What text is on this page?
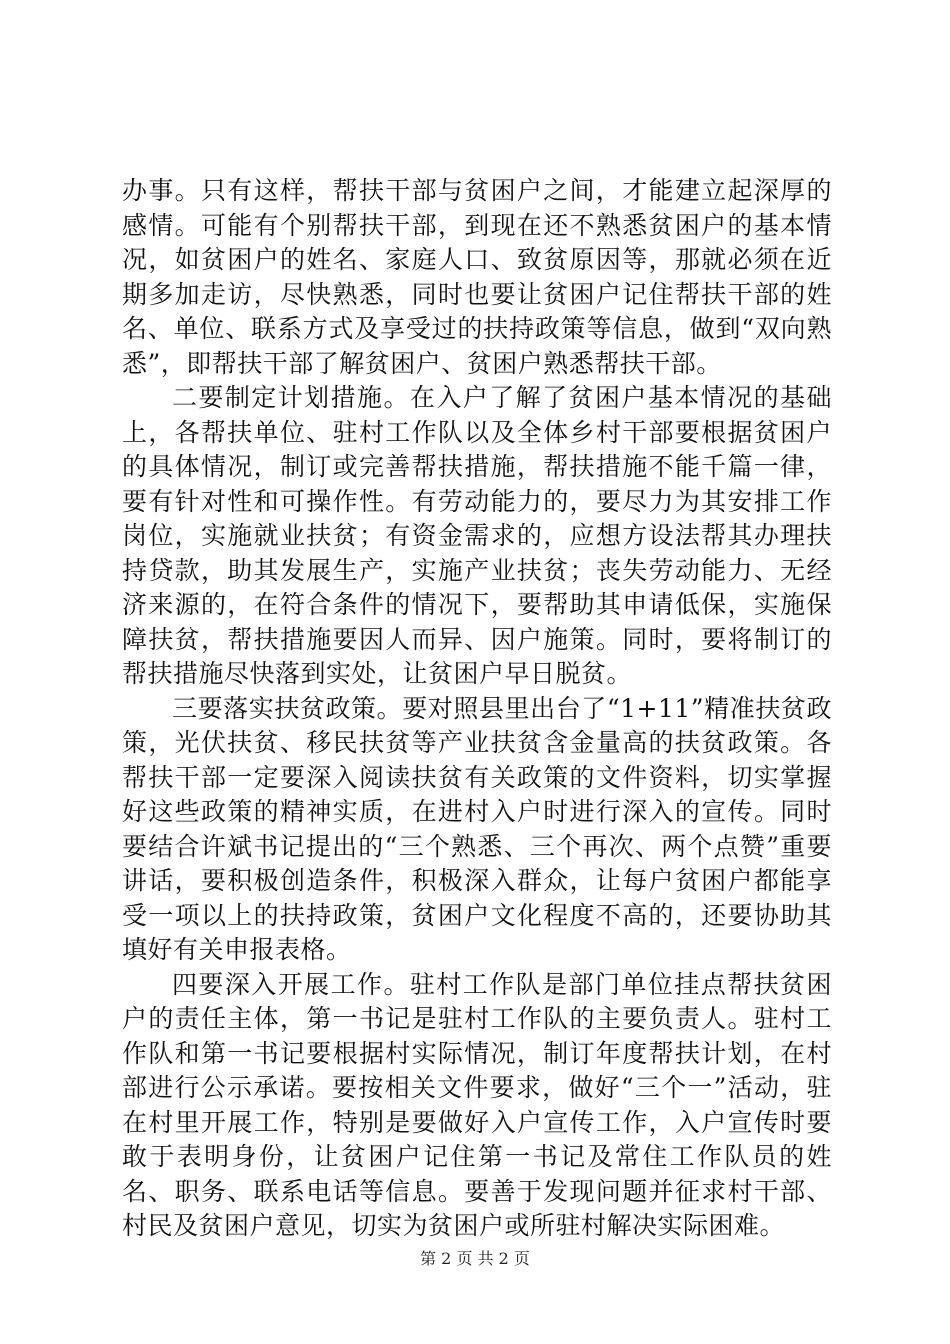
办事。只有这样，帮扶干部与贫困户之间，才能建立起深厚的感情。可能有个别帮扶干部，到现在还不熟悉贫困户的基本情况，如贫困户的姓名、家庭人口、致贫原因等，那就必须在近期多加走访，尽快熟悉，同时也要让贫困户记住帮扶干部的姓名、单位、联系方式及享受过的扶持政策等信息，做到“双向熟悉”，即帮扶干部了解贫困户、贫困户熟悉帮扶干部。

二要制定计划措施。在入户了解了贫困户基本情况的基础上，各帮扶单位、驻村工作队以及全体乡村干部要根据贫困户的具体情况，制订或完善帮扶措施，帮扶措施不能千篇一律，要有针对性和可操作性。有劳动能力的，要尽力为其安排工作岗位，实施就业扶贫；有资金需求的，应想方设法帮其办理扶持贷款，助其发展生产，实施产业扶贫；丧失劳动能力、无经济来源的，在符合条件的情况下，要帮助其申请低保，实施保障扶贫，帮扶措施要因人而异、因户施策。同时，要将制订的帮扶措施尽快落到实处，让贫困户早日脱贫。

三要落实扶贫政策。要对照县里出台了“1+11”精准扶贫政策，光伏扶贫、移民扶贫等产业扶贫含金量高的扶贫政策。各帮扶干部一定要深入阅读扶贫有关政策的文件资料，切实掌握好这些政策的精神实质，在进村入户时进行深入的宣传。同时要结合许斌书记提出的“三个熟悉、三个再次、两个点赞”重要讲话，要积极创造条件，积极深入群众，让每户贫困户都能享受一项以上的扶持政策，贫困户文化程度不高的，还要协助其填好有关申报表格。

四要深入开展工作。驻村工作队是部门单位挂点帮扶贫困户的责任主体，第一书记是驻村工作队的主要负责人。驻村工作队和第一书记要根据村实际情况，制订年度帮扶计划，在村部进行公示承诺。要按相关文件要求，做好“三个一”活动，驻在村里开展工作，特别是要做好入户宣传工作，入户宣传时要敢于表明身份，让贫困户记住第一书记及常住工作队员的姓名、职务、联系电话等信息。要善于发现问题并征求村干部、村民及贫困户意见，切实为贫困户或所驻村解决实际困难。

第 2 页 共 2 页
